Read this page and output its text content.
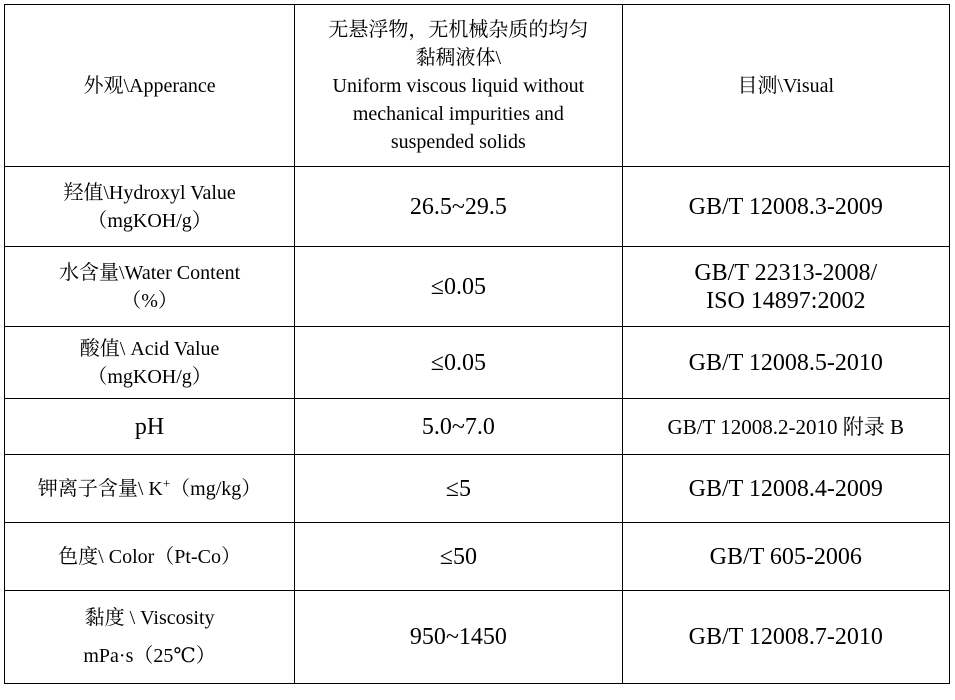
外观\Apperance	无悬浮物，无机械杂质的均匀
黏稠液体\
Uniform viscous liquid without
mechanical impurities and
suspended solids	目测\Visual

羟值\Hydroxyl Value
（mgKOH/g）	26.5~29.5	GB/T 12008.3-2009

水含量\Water Content
（%）	≤0.05	GB/T 22313-2008/
ISO 14897:2002

酸值\ Acid Value
（mgKOH/g）	≤0.05	GB/T 12008.5-2010

pH	5.0~7.0	GB/T 12008.2-2010 附录 B

钾离子含量\ K+（mg/kg）	≤5	GB/T 12008.4-2009

色度\ Color（Pt-Co）	≤50	GB/T 605-2006

黏度 \ Viscosity
mPa·s（25℃）	950~1450	GB/T 12008.7-2010
